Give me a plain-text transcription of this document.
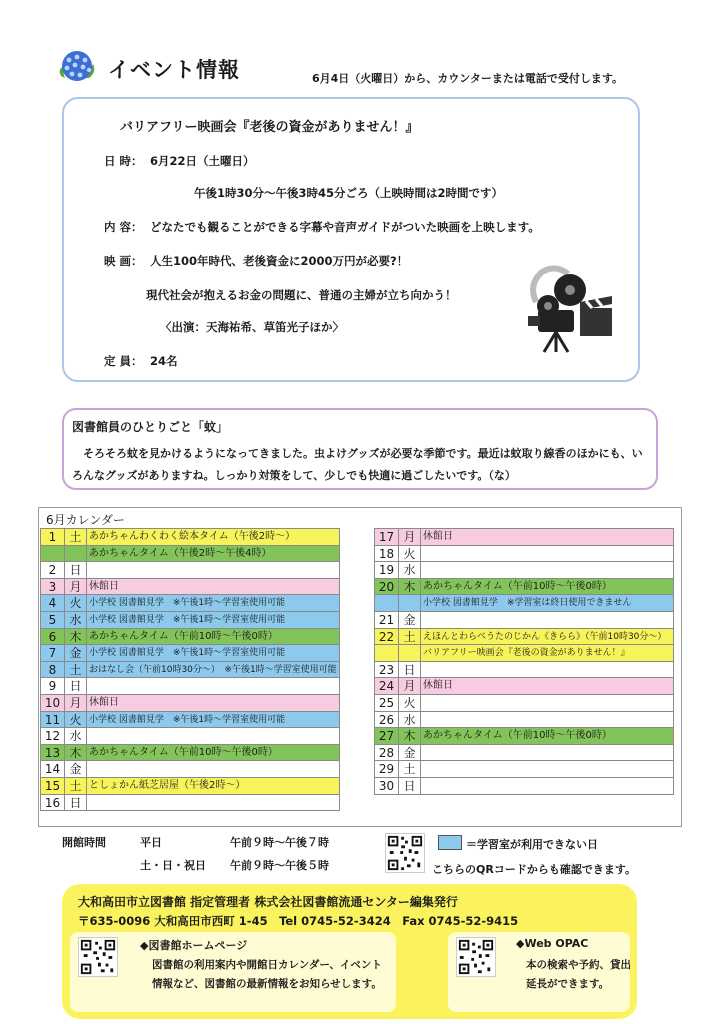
イベント情報	6月4日（火曜日）から、カウンターまたは電話で受付します。
バリアフリー映画会『老後の資金がありません！』
日 時： 6月22日（土曜日）
午後1時30分～午後3時45分ごろ（上映時間は2時間です）
内 容： どなたでも観ることができる字幕や音声ガイドがついた映画を上映します。
映 画： 人生100年時代、老後資金に2000万円が必要?！
現代社会が抱えるお金の問題に、普通の主婦が立ち向かう！
〈出演：天海祐希、草笛光子ほか〉
定 員： 24名
図書館員のひとりごと「蚊」
そろそろ蚊を見かけるようになってきました。虫よけグッズが必要な季節です。最近は蚊取り線香のほかにも、いろんなグッズがありますね。しっかり対策をして、少しでも快適に過ごしたいです。（な）
6月カレンダー
1	土 あかちゃんわくわく絵本タイム（午後2時～）
あかちゃんタイム（午後2時～午後4時）
2	日
3	月 休館日
4	火 小学校 図書館見学　※午後1時～学習室使用可能
5	水 小学校 図書館見学　※午後1時～学習室使用可能
6	木 あかちゃんタイム（午前10時～午後0時）
7	金 小学校 図書館見学　※午後1時～学習室使用可能
8	土 おはなし会（午前10時30分～）　※午後1時～学習室使用可能
9	日
10 月 休館日
11 火 小学校 図書館見学　※午後1時～学習室使用可能
12 水
13 木 あかちゃんタイム（午前10時～午後0時）
14 金
15 土 としょかん紙芝居屋（午後2時～）
16 日
17 月 休館日
18 火
19 水
20 木 あかちゃんタイム（午前10時～午後0時）
小学校 図書館見学　※学習室は終日使用できません
21 金
22 土 えほんとわらべうたのじかん《きらら》（午前10時30分～）
バリアフリー映画会『老後の資金がありません！』
23 日
24 月 休館日
25 火
26 水
27 木 あかちゃんタイム（午前10時～午後0時）
28 金
29 土
30 日
開館時間	平日	午前９時～午後７時
土・日・祝日 午前９時～午後５時
＝学習室が利用できない日
こちらのQRコードからも確認できます。
大和高田市立図書館 指定管理者 株式会社図書館流通センター編集発行
〒635-0096 大和高田市西町 1-45　Tel 0745-52-3424　Fax 0745-52-9415
◆図書館ホームページ
図書館の利用案内や開館日カレンダー、イベント
情報など、図書館の最新情報をお知らせします。
◆Web OPAC
本の検索や予約、貸出
延長ができます。
